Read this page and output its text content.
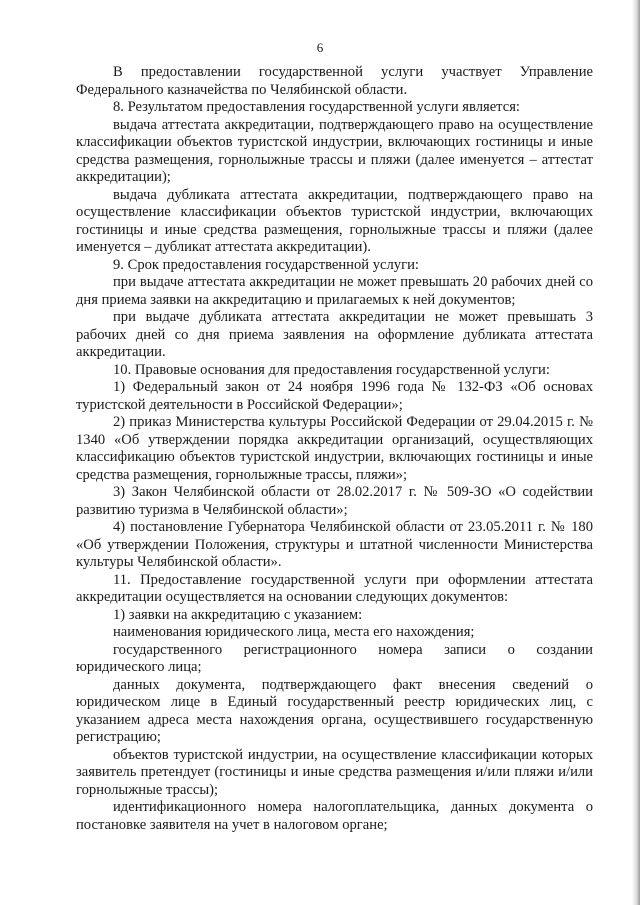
6

В предоставлении государственной услуги участвует Управление Федерального казначейства по Челябинской области.

8. Результатом предоставления государственной услуги является:

выдача аттестата аккредитации, подтверждающего право на осуществление классификации объектов туристской индустрии, включающих гостиницы и иные средства размещения, горнолыжные трассы и пляжи (далее именуется – аттестат аккредитации);

выдача дубликата аттестата аккредитации, подтверждающего право на осуществление классификации объектов туристской индустрии, включающих гостиницы и иные средства размещения, горнолыжные трассы и пляжи (далее именуется – дубликат аттестата аккредитации).

9. Срок предоставления государственной услуги:

при выдаче аттестата аккредитации не может превышать 20 рабочих дней со дня приема заявки на аккредитацию и прилагаемых к ней документов;

при выдаче дубликата аттестата аккредитации не может превышать 3 рабочих дней со дня приема заявления на оформление дубликата аттестата аккредитации.

10. Правовые основания для предоставления государственной услуги:

1) Федеральный закон от 24 ноября 1996 года № 132-ФЗ «Об основах туристской деятельности в Российской Федерации»;

2) приказ Министерства культуры Российской Федерации от 29.04.2015 г. № 1340 «Об утверждении порядка аккредитации организаций, осуществляющих классификацию объектов туристской индустрии, включающих гостиницы и иные средства размещения, горнолыжные трассы, пляжи»;

3) Закон Челябинской области от 28.02.2017 г. № 509-ЗО «О содействии развитию туризма в Челябинской области»;

4) постановление Губернатора Челябинской области от 23.05.2011 г. № 180 «Об утверждении Положения, структуры и штатной численности Министерства культуры Челябинской области».

11. Предоставление государственной услуги при оформлении аттестата аккредитации осуществляется на основании следующих документов:

1) заявки на аккредитацию с указанием:

наименования юридического лица, места его нахождения;

государственного регистрационного номера записи о создании юридического лица;

данных документа, подтверждающего факт внесения сведений о юридическом лице в Единый государственный реестр юридических лиц, с указанием адреса места нахождения органа, осуществившего государственную регистрацию;

объектов туристской индустрии, на осуществление классификации которых заявитель претендует (гостиницы и иные средства размещения и/или пляжи и/или горнолыжные трассы);

идентификационного номера налогоплательщика, данных документа о постановке заявителя на учет в налоговом органе;
